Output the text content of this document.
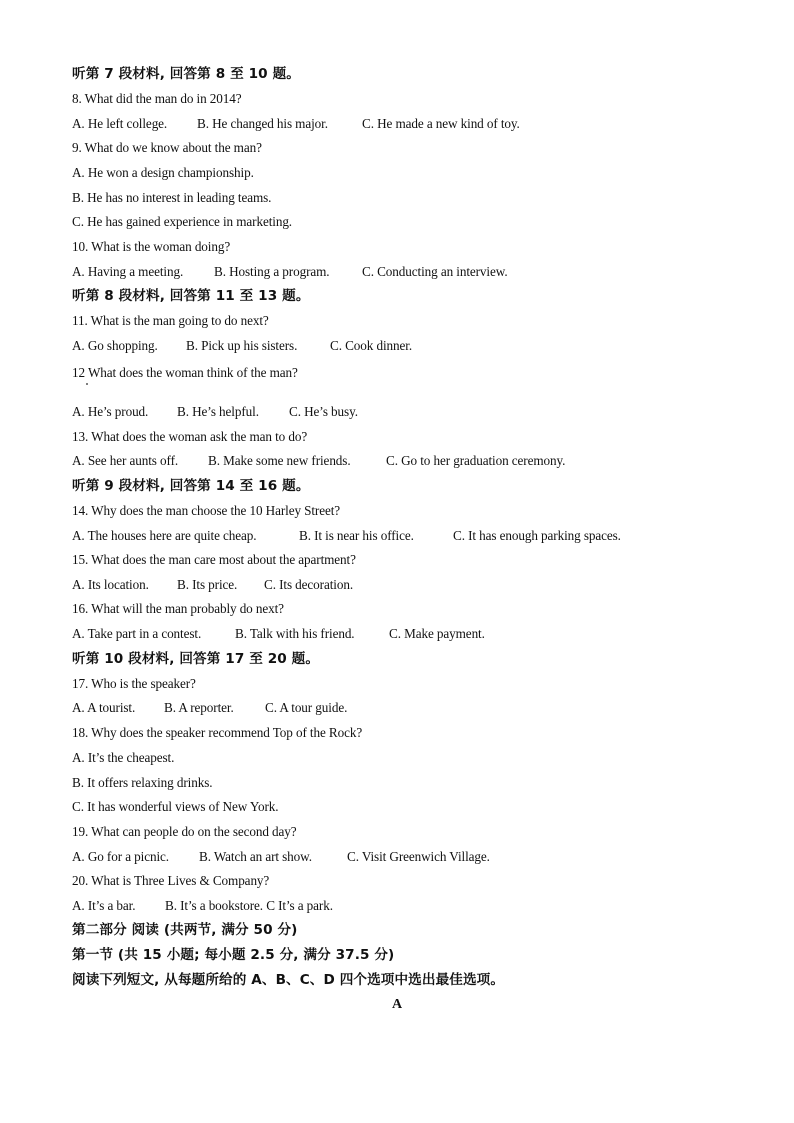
听第 7 段材料, 回答第 8 至 10 题。
8. What did the man do in 2014?
A. He left college. B. He changed his major.	C. He made a new kind of toy.
9. What do we know about the man?
A. He won a design championship.
B. He has no interest in leading teams.
C. He has gained experience in marketing.
10. What is the woman doing?
A. Having a meeting. B. Hosting a program. C. Conducting an interview.
听第 8 段材料, 回答第 11 至 13 题。
11. What is the man going to do next?
A. Go shopping. B. Pick up his sisters. C. Cook dinner.
12 What does the woman think of the man?
A. He’s proud. B. He’s helpful. C. He’s busy.
13. What does the woman ask the man to do?
A. See her aunts off. B. Make some new friends.	C. Go to her graduation ceremony.
听第 9 段材料, 回答第 14 至 16 题。
14. Why does the man choose the 10 Harley Street?
A. The houses here are quite cheap.	B. It is near his office.	C. It has enough parking spaces.
15. What does the man care most about the apartment?
A. Its location. B. Its price. C. Its decoration.
16. What will the man probably do next?
A. Take part in a contest.	B. Talk with his friend.	C. Make payment.
听第 10 段材料, 回答第 17 至 20 题。
17. Who is the speaker?
A. A tourist. B. A reporter. C. A tour guide.
18. Why does the speaker recommend Top of the Rock?
A. It’s the cheapest.
B. It offers relaxing drinks.
C. It has wonderful views of New York.
19. What can people do on the second day?
A. Go for a picnic. B. Watch an art show.	C. Visit Greenwich Village.
20. What is Three Lives & Company?
A. It’s a bar. B. It’s a bookstore. C It’s a park.
第二部分 阅读 (共两节, 满分 50 分)
第一节 (共 15 小题; 每小题 2.5 分, 满分 37.5 分)
阅读下列短文, 从每题所给的 A、B、C、D 四个选项中选出最佳选项。
A
